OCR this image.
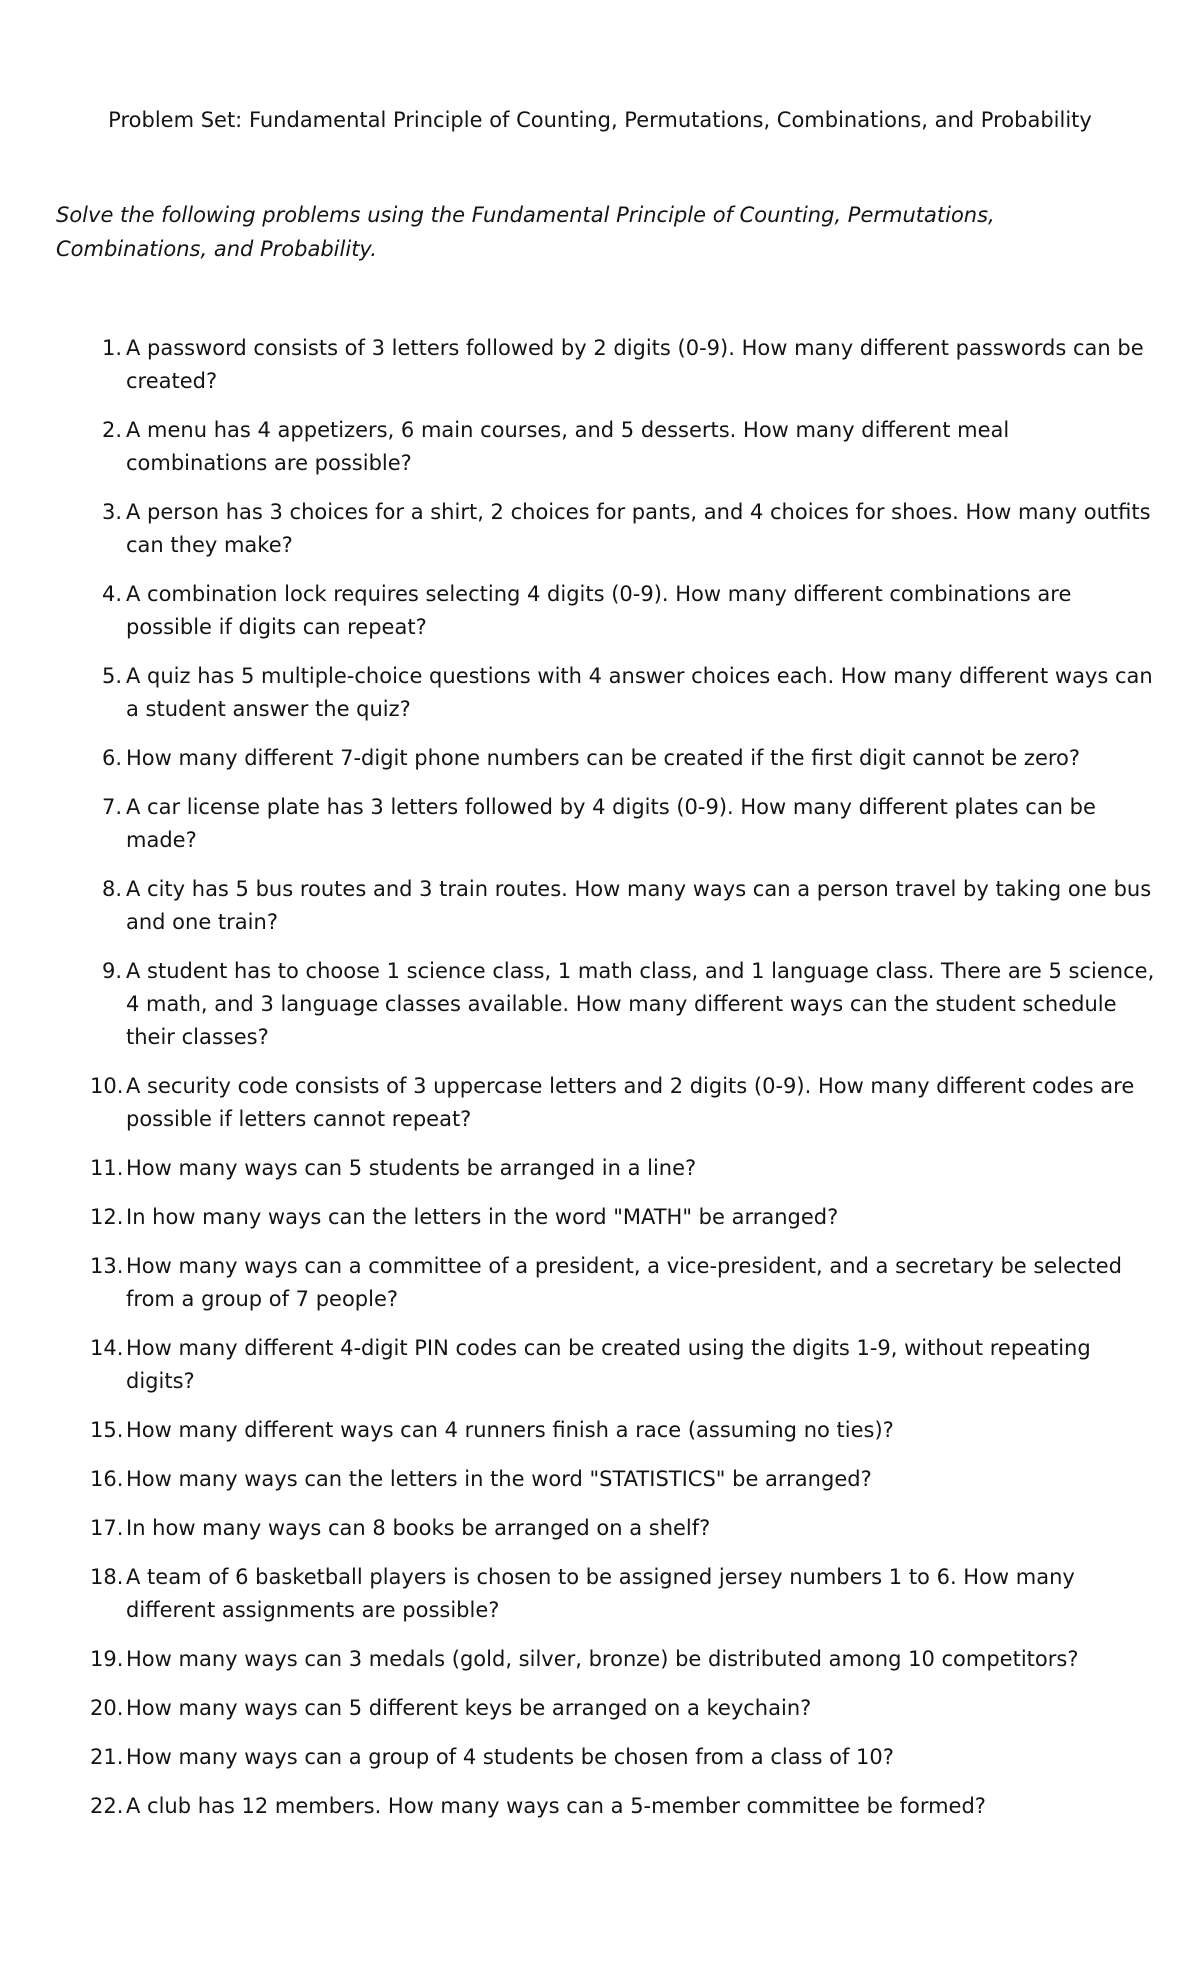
Problem Set: Fundamental Principle of Counting, Permutations, Combinations, and Probability
Solve the following problems using the Fundamental Principle of Counting, Permutations, Combinations, and Probability.
1. A password consists of 3 letters followed by 2 digits (0-9). How many different passwords can be created?
2. A menu has 4 appetizers, 6 main courses, and 5 desserts. How many different meal combinations are possible?
3. A person has 3 choices for a shirt, 2 choices for pants, and 4 choices for shoes. How many outfits can they make?
4. A combination lock requires selecting 4 digits (0-9). How many different combinations are possible if digits can repeat?
5. A quiz has 5 multiple-choice questions with 4 answer choices each. How many different ways can a student answer the quiz?
6. How many different 7-digit phone numbers can be created if the first digit cannot be zero?
7. A car license plate has 3 letters followed by 4 digits (0-9). How many different plates can be made?
8. A city has 5 bus routes and 3 train routes. How many ways can a person travel by taking one bus and one train?
9. A student has to choose 1 science class, 1 math class, and 1 language class. There are 5 science, 4 math, and 3 language classes available. How many different ways can the student schedule their classes?
10. A security code consists of 3 uppercase letters and 2 digits (0-9). How many different codes are possible if letters cannot repeat?
11. How many ways can 5 students be arranged in a line?
12. In how many ways can the letters in the word "MATH" be arranged?
13. How many ways can a committee of a president, a vice-president, and a secretary be selected from a group of 7 people?
14. How many different 4-digit PIN codes can be created using the digits 1-9, without repeating digits?
15. How many different ways can 4 runners finish a race (assuming no ties)?
16. How many ways can the letters in the word "STATISTICS" be arranged?
17. In how many ways can 8 books be arranged on a shelf?
18. A team of 6 basketball players is chosen to be assigned jersey numbers 1 to 6. How many different assignments are possible?
19. How many ways can 3 medals (gold, silver, bronze) be distributed among 10 competitors?
20. How many ways can 5 different keys be arranged on a keychain?
21. How many ways can a group of 4 students be chosen from a class of 10?
22. A club has 12 members. How many ways can a 5-member committee be formed?
